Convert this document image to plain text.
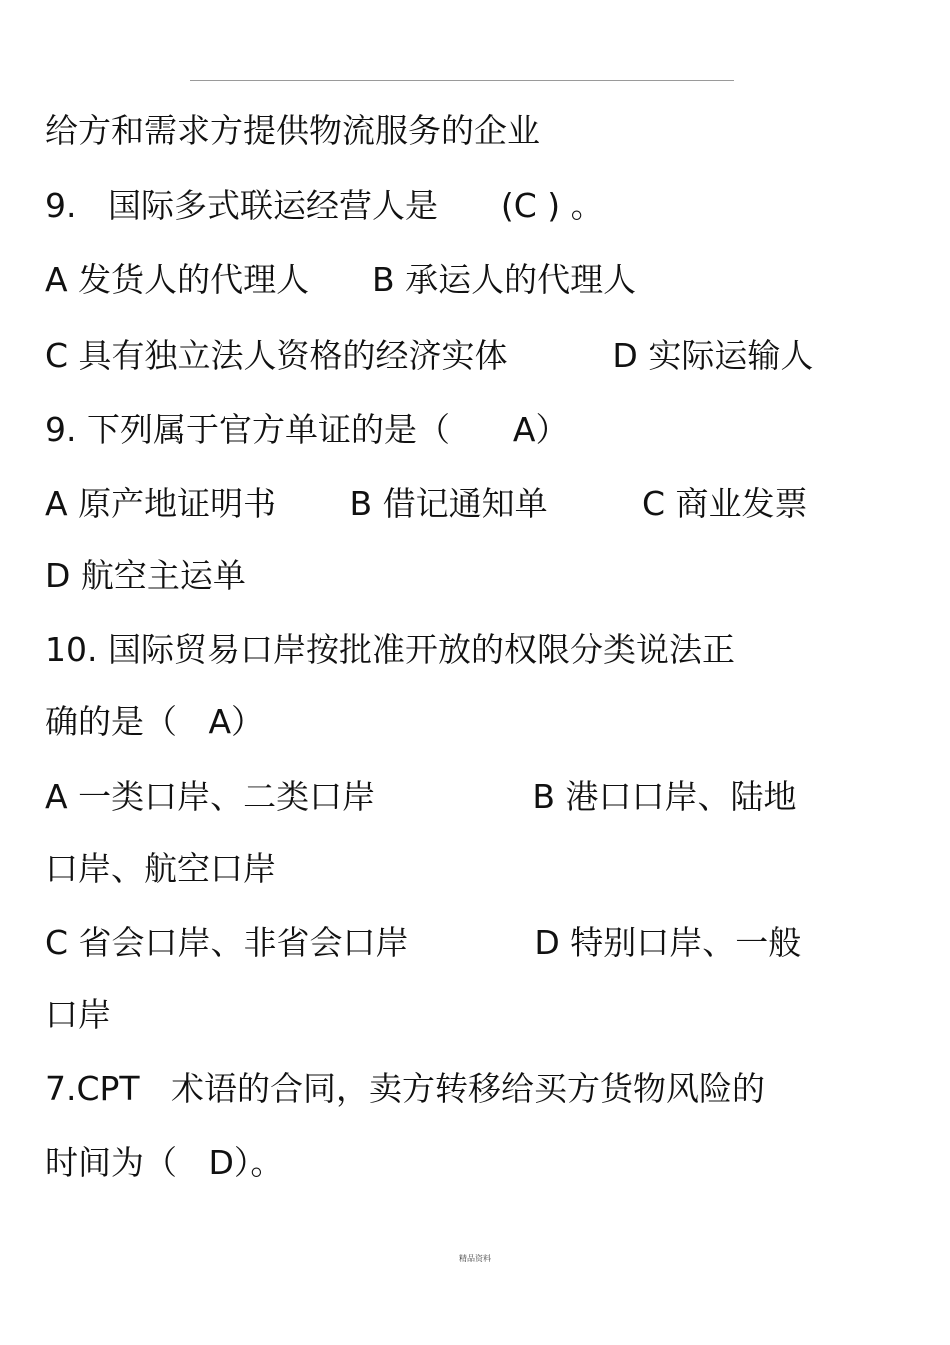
给方和需求方提供物流服务的企业
9.   国际多式联运经营人是      (C ) 。
A 发货人的代理人      B 承运人的代理人
C 具有独立法人资格的经济实体          D 实际运输人
9. 下列属于官方单证的是（      A）
A 原产地证明书       B 借记通知单         C 商业发票
D 航空主运单
10. 国际贸易口岸按批准开放的权限分类说法正
确的是（   A）
A 一类口岸、二类口岸               B 港口口岸、陆地
口岸、航空口岸
C 省会口岸、非省会口岸            D 特别口岸、一般
口岸
7.CPT   术语的合同，卖方转移给买方货物风险的
时间为（   D）。
精品资料
